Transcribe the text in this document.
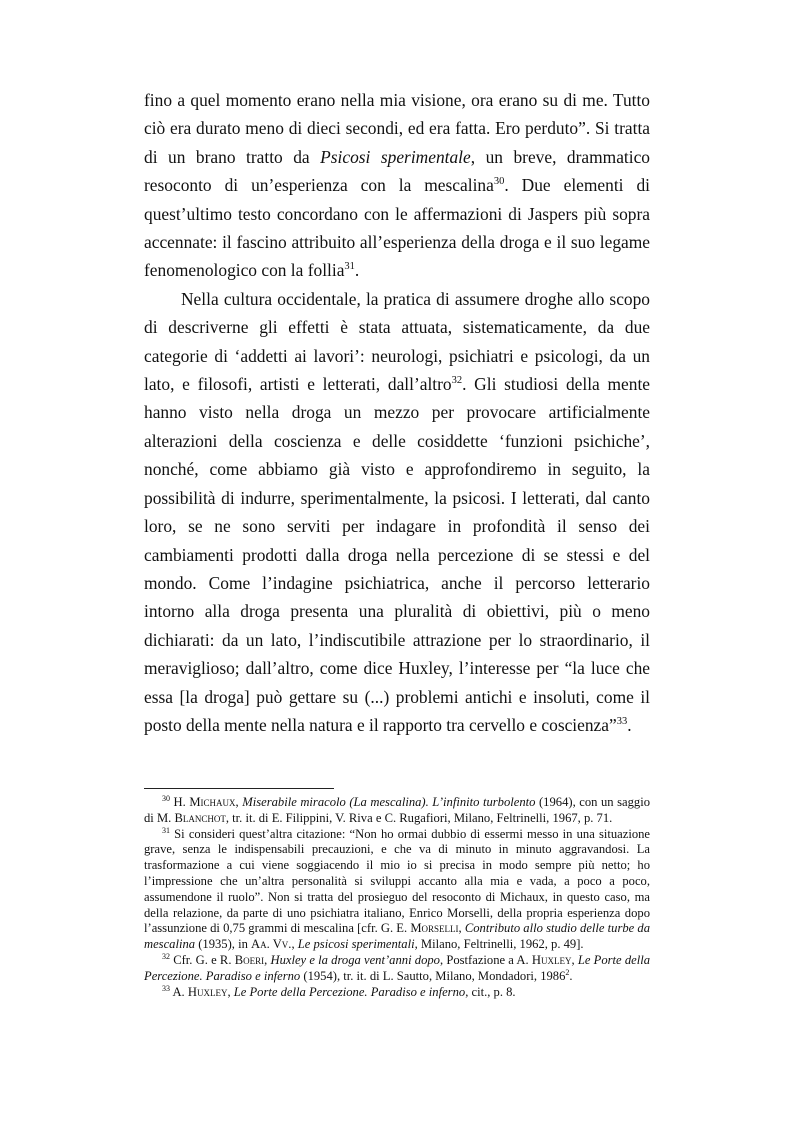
fino a quel momento erano nella mia visione, ora erano su di me. Tutto ciò era durato meno di dieci secondi, ed era fatta. Ero perduto”. Si tratta di un brano tratto da Psicosi sperimentale, un breve, drammatico resoconto di un’esperienza con la mescalina$^{30}$. Due elementi di quest’ultimo testo concordano con le affermazioni di Jaspers più sopra accennate: il fascino attribuito all’esperienza della droga e il suo legame fenomenologico con la follia$^{31}$.

Nella cultura occidentale, la pratica di assumere droghe allo scopo di descriverne gli effetti è stata attuata, sistematicamente, da due categorie di ‘addetti ai lavori’: neurologi, psichiatri e psicologi, da un lato, e filosofi, artisti e letterati, dall’altro$^{32}$. Gli studiosi della mente hanno visto nella droga un mezzo per provocare artificialmente alterazioni della coscienza e delle cosiddette ‘funzioni psichiche’, nonché, come abbiamo già visto e approfondiremo in seguito, la possibilità di indurre, sperimentalmente, la psicosi. I letterati, dal canto loro, se ne sono serviti per indagare in profondità il senso dei cambiamenti prodotti dalla droga nella percezione di se stessi e del mondo. Come l’indagine psichiatrica, anche il percorso letterario intorno alla droga presenta una pluralità di obiettivi, più o meno dichiarati: da un lato, l’indiscutibile attrazione per lo straordinario, il meraviglioso; dall’altro, come dice Huxley, l’interesse per “la luce che essa [la droga] può gettare su (...) problemi antichi e insoluti, come il posto della mente nella natura e il rapporto tra cervello e coscienza”$^{33}$.

$^{30}$ H. Michaux, Miserabile miracolo (La mescalina). L’infinito turbolento (1964), con un saggio di M. Blanchot, tr. it. di E. Filippini, V. Riva e C. Rugafiori, Milano, Feltrinelli, 1967, p. 71.

$^{31}$ Si consideri quest’altra citazione: “Non ho ormai dubbio di essermi messo in una situazione grave, senza le indispensabili precauzioni, e che va di minuto in minuto aggravandosi. La trasformazione a cui viene soggiacendo il mio io si precisa in modo sempre più netto; ho l’impressione che un’altra personalità si sviluppi accanto alla mia e vada, a poco a poco, assumendone il ruolo”. Non si tratta del prosieguo del resoconto di Michaux, in questo caso, ma della relazione, da parte di uno psichiatra italiano, Enrico Morselli, della propria esperienza dopo l’assunzione di 0,75 grammi di mescalina [cfr. G. E. Morselli, Contributo allo studio delle turbe da mescalina (1935), in Aa. Vv., Le psicosi sperimentali, Milano, Feltrinelli, 1962, p. 49].

$^{32}$ Cfr. G. e R. Boeri, Huxley e la droga vent’anni dopo, Postfazione a A. Huxley, Le Porte della Percezione. Paradiso e inferno (1954), tr. it. di L. Sautto, Milano, Mondadori, 1986$^2$.

$^{33}$ A. Huxley, Le Porte della Percezione. Paradiso e inferno, cit., p. 8.
